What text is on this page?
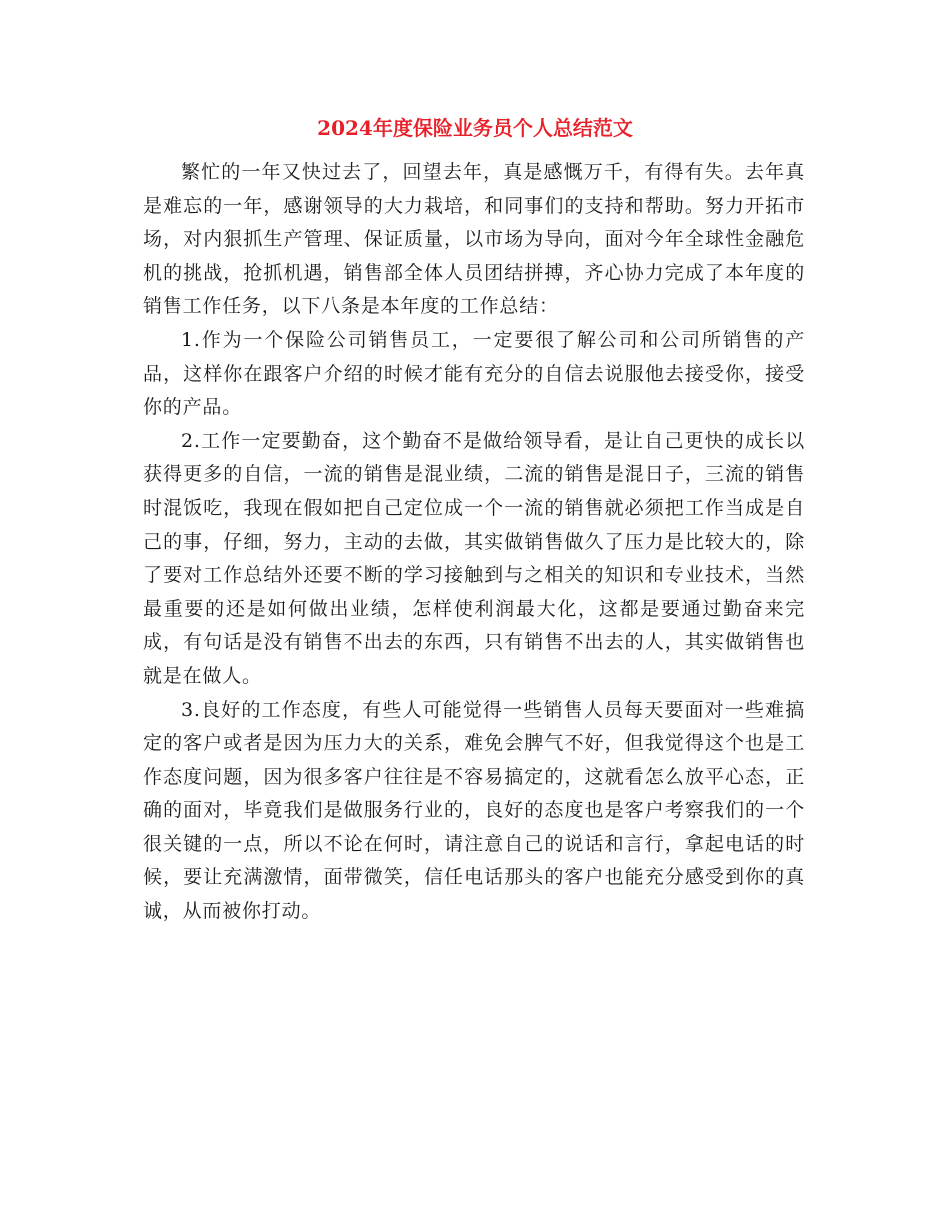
2024年度保险业务员个人总结范文

繁忙的一年又快过去了，回望去年，真是感慨万千，有得有失。去年真是难忘的一年，感谢领导的大力栽培，和同事们的支持和帮助。努力开拓市场，对内狠抓生产管理、保证质量，以市场为导向，面对今年全球性金融危机的挑战，抢抓机遇，销售部全体人员团结拼搏，齐心协力完成了本年度的销售工作任务，以下八条是本年度的工作总结：

1.作为一个保险公司销售员工，一定要很了解公司和公司所销售的产品，这样你在跟客户介绍的时候才能有充分的自信去说服他去接受你，接受你的产品。

2.工作一定要勤奋，这个勤奋不是做给领导看，是让自己更快的成长以获得更多的自信，一流的销售是混业绩，二流的销售是混日子，三流的销售时混饭吃，我现在假如把自己定位成一个一流的销售就必须把工作当成是自己的事，仔细，努力，主动的去做，其实做销售做久了压力是比较大的，除了要对工作总结外还要不断的学习接触到与之相关的知识和专业技术，当然最重要的还是如何做出业绩，怎样使利润最大化，这都是要通过勤奋来完成，有句话是没有销售不出去的东西，只有销售不出去的人，其实做销售也就是在做人。

3.良好的工作态度，有些人可能觉得一些销售人员每天要面对一些难搞定的客户或者是因为压力大的关系，难免会脾气不好，但我觉得这个也是工作态度问题，因为很多客户往往是不容易搞定的，这就看怎么放平心态，正确的面对，毕竟我们是做服务行业的，良好的态度也是客户考察我们的一个很关键的一点，所以不论在何时，请注意自己的说话和言行，拿起电话的时候，要让充满激情，面带微笑，信任电话那头的客户也能充分感受到你的真诚，从而被你打动。
